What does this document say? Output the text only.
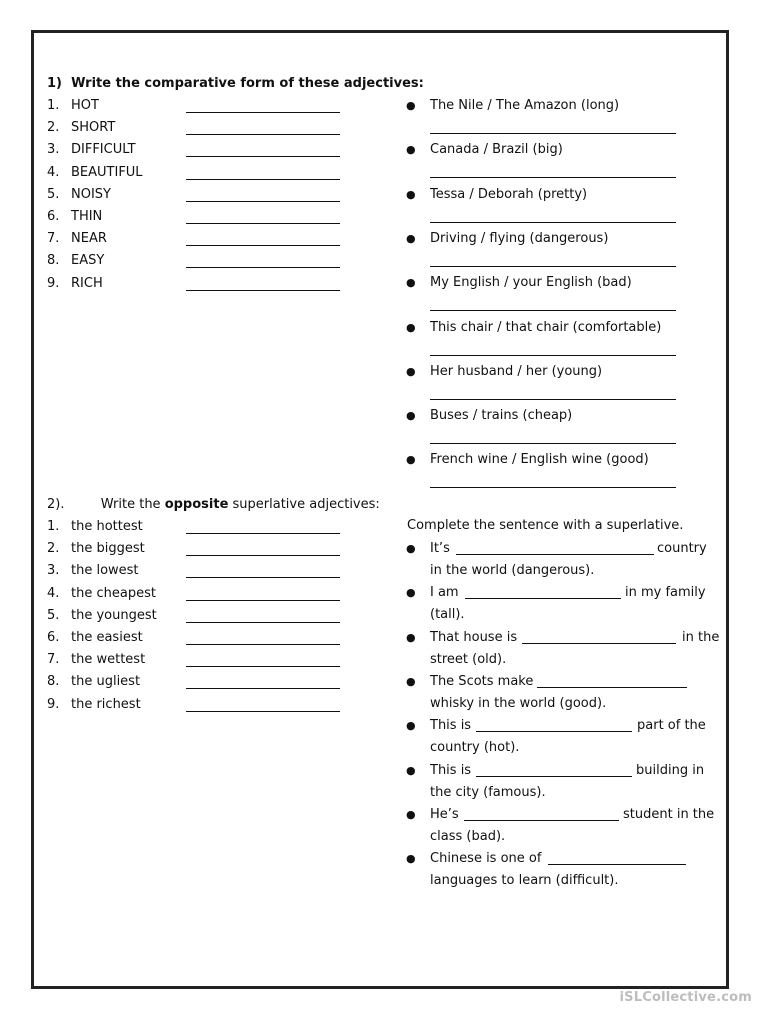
1) Write the comparative form of these adjectives:
1. HOT
2. SHORT
3. DIFFICULT
4. BEAUTIFUL
5. NOISY
6. THIN
7. NEAR
8. EASY
9. RICH
● The Nile / The Amazon (long)
● Canada / Brazil (big)
● Tessa / Deborah (pretty)
● Driving / flying (dangerous)
● My English / your English (bad)
● This chair / that chair (comfortable)
● Her husband / her (young)
● Buses / trains (cheap)
● French wine / English wine (good)
2).	Write the opposite superlative adjectives:
1. the hottest
2. the biggest
3. the lowest
4. the cheapest
5. the youngest
6. the easiest
7. the wettest
8. the ugliest
9. the richest
Complete the sentence with a superlative.
● It’s	country
in the world (dangerous).
● I am	in my family
(tall).
● That house is	in the
street (old).
● The Scots make
whisky in the world (good).
● This is	part of the
country (hot).
● This is	building in
the city (famous).
● He’s	student in the
class (bad).
● Chinese is one of
languages to learn (difficult).
iSLCollective.com
